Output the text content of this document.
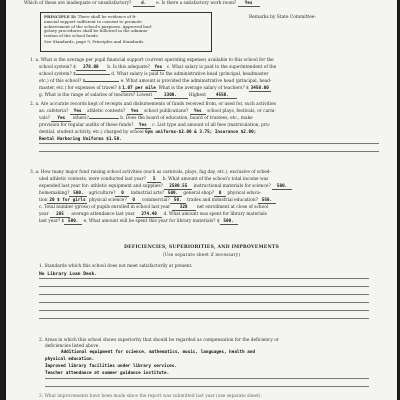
Which of these are inadequate or unsatisfactory? d. e. Is there a satisfactory work room? Yes
PRINCIPLE II: There shall be evidence of fi-
nancial support sufficient to consent to promote
achievement of the school's purposes. Approved bud-
getary procedures shall be followed in the adminis-
tration of the school funds.
See Standards, page 9, Principles and Standards
Remarks by State Committee:
1. a. What is the average per pupil financial support (current operating expense) available to this school for the
school system? $ 278.00 b. Is this adequate? Yes c. What salary is paid to the superintendent of the
school system? $	d. What salary is paid to the administrative head (principal, headmaster
etc.) of this school? $	e. What amount is provided the administrative head (principal, head-
master, etc.) for expenses of travel? $1.07 per mile What is the average salary of teachers? $ 3450.00
g. What is the range of salaries of teachers? Lowest	3300.	Highest 4550.
2. a. Are accurate records kept of receipts and disbursements of funds received from, or used for, such activities
as: cafeteria? Yes athletic contests? Yes school publications? Yes school plays, festivals, or carni-
vals? Yes others?	b. Does the board of education, board of trustees, etc., make
provision for regular audits of these funds? Yes c. List type and amount of all fees (matriculation, pru-
dential, student activity, etc.) charged by school Gym uniforms-$2.00 & 3.75; Insurance $2.00;
Rental Harboring Uniforms $1.50.
3. a. How many major fund raising school activities (such as carnivals, plays, fag day, etc.), exclusive of sched-
uled athletic contests, were conducted last year? 5 b. What amount of the school's total income was
expended last year for: athletic equipment and supplies? 2580.55 instructional materials for science? 500.
homemaking? 500. agriculture? 0 industrial arts? 500. general shop? 0 physical educa-
tion 20 $ for girls physical science? 0 commercial? 50. trades and industrial education? 550.
c. Total number (gross) of pupils enrolled in school last year 328 net enrollment at close of school
year 285 average attendance last year 274.40 d. What amount was spent for library materials
last year? $ 500. e. What amount will be spent this year for library materials? $ 500.
DEFICIENCIES, SUPERIORITIES, AND IMPROVEMENTS
(Use separate sheet if necessary)
1. Standards which this school does not meet satisfactorily at present.
No Library Loan Desk.
2. Areas in which this school shows superiority that should be regarded as compensation for the deficiency or
deficiencies listed above.
Additional equipment for science, mathematics, music, languages, health and
physical education.
Improved library facilities under library services.
Teacher attendance at summer guidance institute.
3. What improvements have been made since the report was submitted last year (use separate sheet).
